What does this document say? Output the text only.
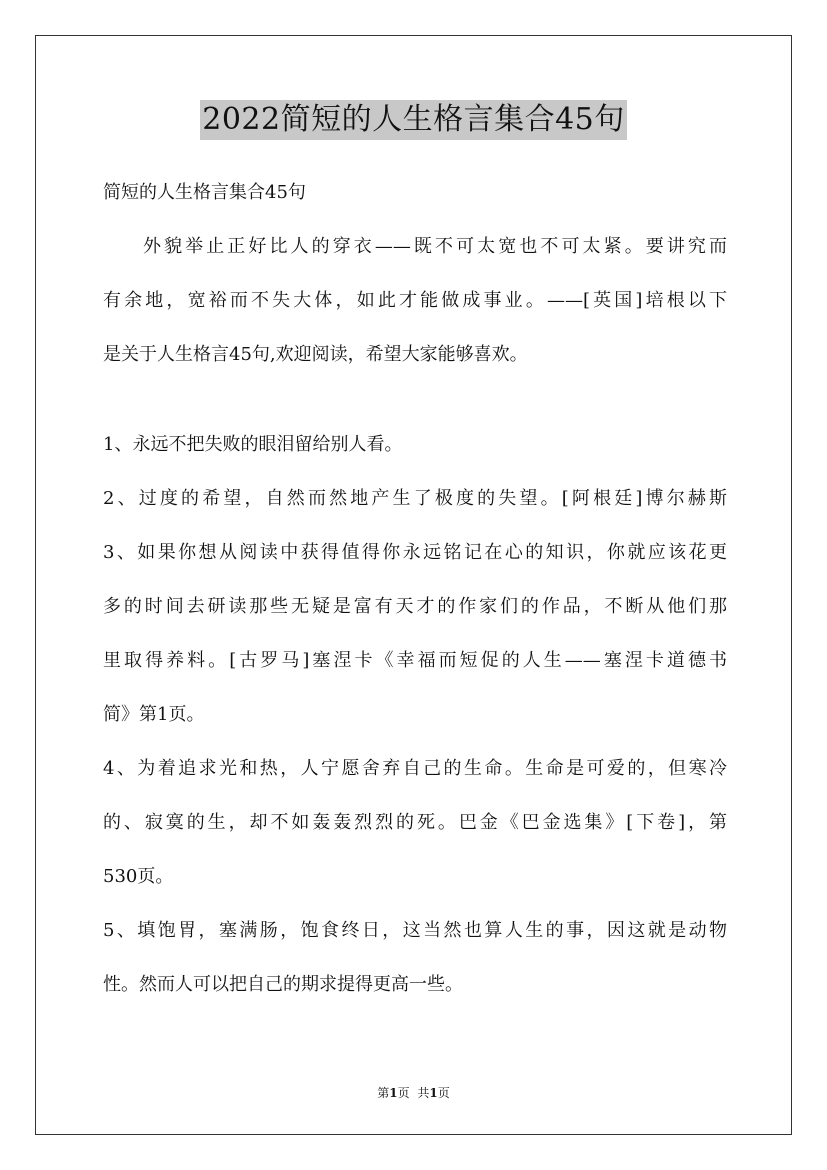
2022简短的人生格言集合45句
简短的人生格言集合45句
外貌举止正好比人的穿衣——既不可太宽也不可太紧。要讲究而
有余地，宽裕而不失大体，如此才能做成事业。——[英国]培根以下
是关于人生格言45句,欢迎阅读，希望大家能够喜欢。
1、永远不把失败的眼泪留给别人看。
2、过度的希望，自然而然地产生了极度的失望。[阿根廷]博尔赫斯
3、如果你想从阅读中获得值得你永远铭记在心的知识，你就应该花更
多的时间去研读那些无疑是富有天才的作家们的作品，不断从他们那
里取得养料。[古罗马]塞涅卡《幸福而短促的人生——塞涅卡道德书
简》第1页。
4、为着追求光和热，人宁愿舍弃自己的生命。生命是可爱的，但寒冷
的、寂寞的生，却不如轰轰烈烈的死。巴金《巴金选集》[下卷]，第
530页。
5、填饱胃，塞满肠，饱食终日，这当然也算人生的事，因这就是动物
性。然而人可以把自己的期求提得更高一些。
第1页 共1页
